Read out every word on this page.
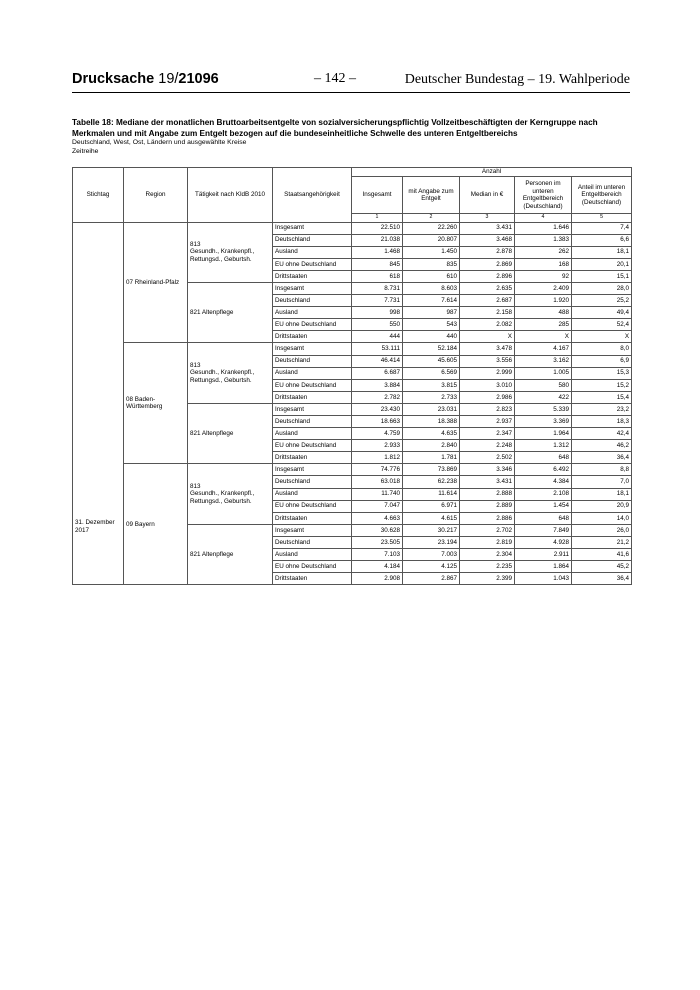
Drucksache 19/21096	– 142 –	Deutscher Bundestag – 19. Wahlperiode
Tabelle 18: Mediane der monatlichen Bruttoarbeitsentgelte von sozialversicherungspflichtig Vollzeitbeschäftigten der Kerngruppe nach Merkmalen und mit Angabe zum Entgelt bezogen auf die bundeseinheitliche Schwelle des unteren Entgeltbereichs
Deutschland, West, Ost, Ländern und ausgewählte Kreise
Zeitreihe
Stichtag	Region	Tätigkeit nach KldB 2010	Staatsangehörigkeit	Anzahl				
				Insgesamt	mit Angabe zum Entgelt	Median in €	Personen im unteren Entgeltbereich (Deutschland)	Anteil im unteren Entgeltbereich (Deutschland)
				1	2	3	4	5
31. Dezember 2017	07 Rheinland-Pfalz	813
Gesundh., Krankenpfl.,
Rettungsd., Geburtsh.	Insgesamt	22.510	22.260	3.431	1.646	7,4
			Deutschland	21.038	20.807	3.468	1.383	6,6
			Ausland	1.468	1.450	2.878	262	18,1
			EU ohne Deutschland	845	835	2.869	168	20,1
			Drittstaaten	618	610	2.896	92	15,1
		821 Altenpflege	Insgesamt	8.731	8.603	2.635	2.409	28,0
			Deutschland	7.731	7.614	2.687	1.920	25,2
			Ausland	998	987	2.158	488	49,4
			EU ohne Deutschland	550	543	2.082	285	52,4
			Drittstaaten	444	440	X	X	X
	08 Baden-
Württemberg	813
Gesundh., Krankenpfl.,
Rettungsd., Geburtsh.	Insgesamt	53.111	52.184	3.478	4.167	8,0
			Deutschland	46.414	45.605	3.556	3.162	6,9
			Ausland	6.687	6.569	2.999	1.005	15,3
			EU ohne Deutschland	3.884	3.815	3.010	580	15,2
			Drittstaaten	2.782	2.733	2.986	422	15,4
		821 Altenpflege	Insgesamt	23.430	23.031	2.823	5.339	23,2
			Deutschland	18.663	18.388	2.937	3.369	18,3
			Ausland	4.759	4.635	2.347	1.964	42,4
			EU ohne Deutschland	2.933	2.840	2.248	1.312	46,2
			Drittstaaten	1.812	1.781	2.502	648	36,4
	09 Bayern	813
Gesundh., Krankenpfl.,
Rettungsd., Geburtsh.	Insgesamt	74.776	73.869	3.346	6.492	8,8
			Deutschland	63.018	62.238	3.431	4.384	7,0
			Ausland	11.740	11.614	2.888	2.108	18,1
			EU ohne Deutschland	7.047	6.971	2.889	1.454	20,9
			Drittstaaten	4.663	4.615	2.886	648	14,0
		821 Altenpflege	Insgesamt	30.628	30.217	2.702	7.849	26,0
			Deutschland	23.505	23.194	2.819	4.928	21,2
			Ausland	7.103	7.003	2.304	2.911	41,6
			EU ohne Deutschland	4.184	4.125	2.235	1.864	45,2
			Drittstaaten	2.908	2.867	2.399	1.043	36,4
